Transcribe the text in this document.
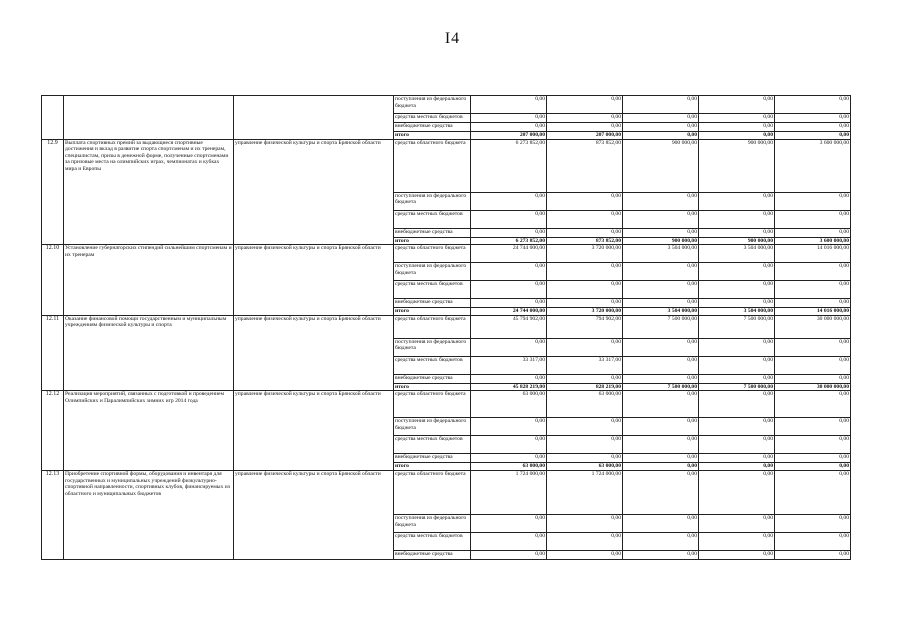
I4
			поступления из федерального бюджета	0,00	0,00	0,00	0,00	0,00
			средства местных бюджетов	0,00	0,00	0,00	0,00	0,00
			внебюджетные средства	0,00	0,00	0,00	0,00	0,00
			итого	207 000,00	207 000,00	0,00	0,00	0,00
12.9	Выплата спортивных премий за выдающиеся спортивные достижения и вклад в развитие спорта спортсменам и их тренерам, специалистам, призы в денежной форме, полученные спортсменами за призовые места на олимпийских играх, чемпионатах и кубках мира и Европы	управление физической культуры и спорта Брянской области	средства областного бюджета	6 273 852,00	873 852,00	900 000,00	900 000,00	3 600 000,00
			поступления из федерального бюджета	0,00	0,00	0,00	0,00	0,00
			средства местных бюджетов	0,00	0,00	0,00	0,00	0,00
			внебюджетные средства	0,00	0,00	0,00	0,00	0,00
			итого	6 273 852,00	873 852,00	900 000,00	900 000,00	3 600 000,00
12.10	Установление губернаторских стипендий сильнейшим спортсменам и их тренерам	управление физической культуры и спорта Брянской области	средства областного бюджета	24 744 000,00	3 720 000,00	3 504 000,00	3 504 000,00	14 016 000,00
			поступления из федерального бюджета	0,00	0,00	0,00	0,00	0,00
			средства местных бюджетов	0,00	0,00	0,00	0,00	0,00
			внебюджетные средства	0,00	0,00	0,00	0,00	0,00
			итого	24 744 000,00	3 720 000,00	3 504 000,00	3 504 000,00	14 016 000,00
12.11	Оказание финансовой помощи государственным и муниципальным учреждениям физической культуры и спорта	управление физической культуры и спорта Брянской области	средства областного бюджета	45 794 902,00	794 902,00	7 500 000,00	7 500 000,00	30 000 000,00
			поступления из федерального бюджета	0,00	0,00	0,00	0,00	0,00
			средства местных бюджетов	33 317,00	33 317,00	0,00	0,00	0,00
			внебюджетные средства	0,00	0,00	0,00	0,00	0,00
			итого	45 828 219,00	828 219,00	7 500 000,00	7 500 000,00	30 000 000,00
12.12	Реализация мероприятий, связанных с подготовкой и проведением Олимпийских и Паралимпийских зимних игр 2014 года	управление физической культуры и спорта Брянской области	средства областного бюджета	63 000,00	63 000,00	0,00	0,00	0,00
			поступления из федерального бюджета	0,00	0,00	0,00	0,00	0,00
			средства местных бюджетов	0,00	0,00	0,00	0,00	0,00
			внебюджетные средства	0,00	0,00	0,00	0,00	0,00
			итого	63 000,00	63 000,00	0,00	0,00	0,00
12.13	Приобретение спортивной формы, оборудования и инвентаря для государственных и муниципальных учреждений физкультурно-спортивной направленности, спортивных клубов, финансируемых из областного и муниципальных бюджетов	управление физической культуры и спорта Брянской области	средства областного бюджета	1 724 000,00	1 724 000,00	0,00	0,00	0,00
			поступления из федерального бюджета	0,00	0,00	0,00	0,00	0,00
			средства местных бюджетов	0,00	0,00	0,00	0,00	0,00
			внебюджетные средства	0,00	0,00	0,00	0,00	0,00
